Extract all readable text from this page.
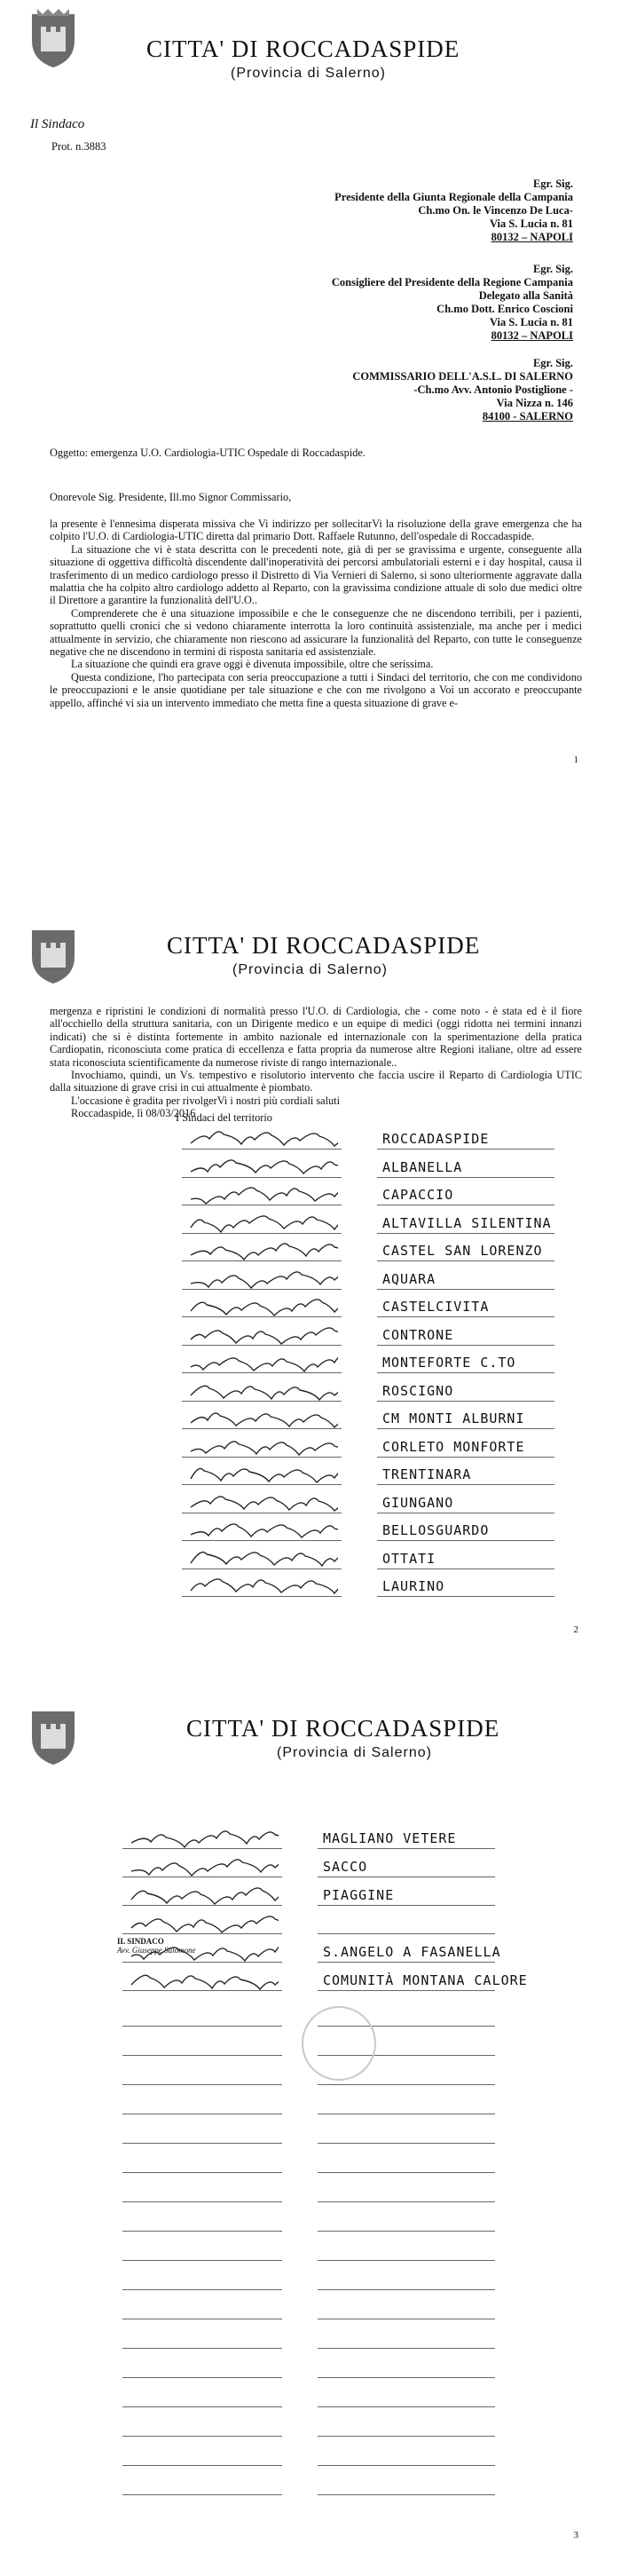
CITTA' DI ROCCADASPIDE
(Provincia di Salerno)
Il Sindaco
Prot. n.3883
Egr. Sig.
Presidente della Giunta Regionale della Campania
Ch.mo On. le Vincenzo De Luca-
Via S. Lucia n. 81
80132 – NAPOLI
Egr. Sig.
Consigliere del Presidente della Regione Campania
Delegato alla Sanità
Ch.mo Dott. Enrico Coscioni
Via S. Lucia n. 81
80132 – NAPOLI
Egr. Sig.
COMMISSARIO DELL'A.S.L. DI SALERNO
-Ch.mo Avv. Antonio Postiglione -
Via Nizza n. 146
84100 - SALERNO
Oggetto: emergenza U.O. Cardiologia-UTIC Ospedale di Roccadaspide.
Onorevole Sig. Presidente, Ill.mo Signor Commissario,
la presente è l'ennesima disperata missiva che Vi indirizzo per sollecitarVi la risoluzione della grave emergenza che ha colpito l'U.O. di Cardiologia-UTIC diretta dal primario Dott. Raffaele Rutunno, dell'ospedale di Roccadaspide.
La situazione che vi è stata descritta con le precedenti note, già di per se gravissima e urgente, conseguente alla situazione di oggettiva difficoltà discendente dall'inoperatività dei percorsi ambulatoriali esterni e i day hospital, causa il trasferimento di un medico cardiologo presso il Distretto di Via Vernieri di Salerno, si sono ulteriormente aggravate dalla malattia che ha colpito altro cardiologo addetto al Reparto, con la gravissima condizione attuale di solo due medici oltre il Direttore a garantire la funzionalità dell'U.O..
Comprenderete che è una situazione impossibile e che le conseguenze che ne discendono terribili, per i pazienti, soprattutto quelli cronici che si vedono chiaramente interrotta la loro continuità assistenziale, ma anche per i medici attualmente in servizio, che chiaramente non riescono ad assicurare la funzionalità del Reparto, con tutte le conseguenze negative che ne discendono in termini di risposta sanitaria ed assistenziale.
La situazione che quindi era grave oggi è divenuta impossibile, oltre che serissima.
Questa condizione, l'ho partecipata con seria preoccupazione a tutti i Sindaci del territorio, che con me condividono le preoccupazioni e le ansie quotidiane per tale situazione e che con me rivolgono a Voi un accorato e preoccupante appello, affinché vi sia un intervento immediato che metta fine a questa situazione di grave e-
1
CITTA' DI ROCCADASPIDE
(Provincia di Salerno)
mergenza e ripristini le condizioni di normalità presso l'U.O. di Cardiologia, che - come noto - è stata ed è il fiore all'occhiello della struttura sanitaria, con un Dirigente medico e un equipe di medici (oggi ridotta nei termini innanzi indicati) che si è distinta fortemente in ambito nazionale ed internazionale con la sperimentazione della pratica Cardiopatin, riconosciuta come pratica di eccellenza e fatta propria da numerose altre Regioni italiane, oltre ad essere stata riconosciuta scientificamente da numerose riviste di rango internazionale..
Invochiamo, quindi, un Vs. tempestivo e risolutorio intervento che faccia uscire il Reparto di Cardiologia UTIC dalla situazione di grave crisi in cui attualmente è piombato.
L'occasione è gradita per rivolgerVi i nostri più cordiali saluti
Roccadaspide, lì 08/03/2016
I Sindaci del territorio
ROCCADASPIDE
ALBANELLA
CAPACCIO
ALTAVILLA SILENTINA
CASTEL SAN LORENZO
AQUARA
CASTELCIVITA
CONTRONE
MONTEFORTE C.TO
ROSCIGNO
CM MONTI ALBURNI
CORLETO MONFORTE
TRENTINARA
GIUNGANO
BELLOSGUARDO
OTTATI
LAURINO
2
CITTA' DI ROCCADASPIDE
(Provincia di Salerno)
MAGLIANO VETERE
SACCO
PIAGGINE
S.ANGELO A FASANELLA
COMUNITÀ MONTANA CALORE
IL SINDACO
Avv. Giuseppe Salomone
3
